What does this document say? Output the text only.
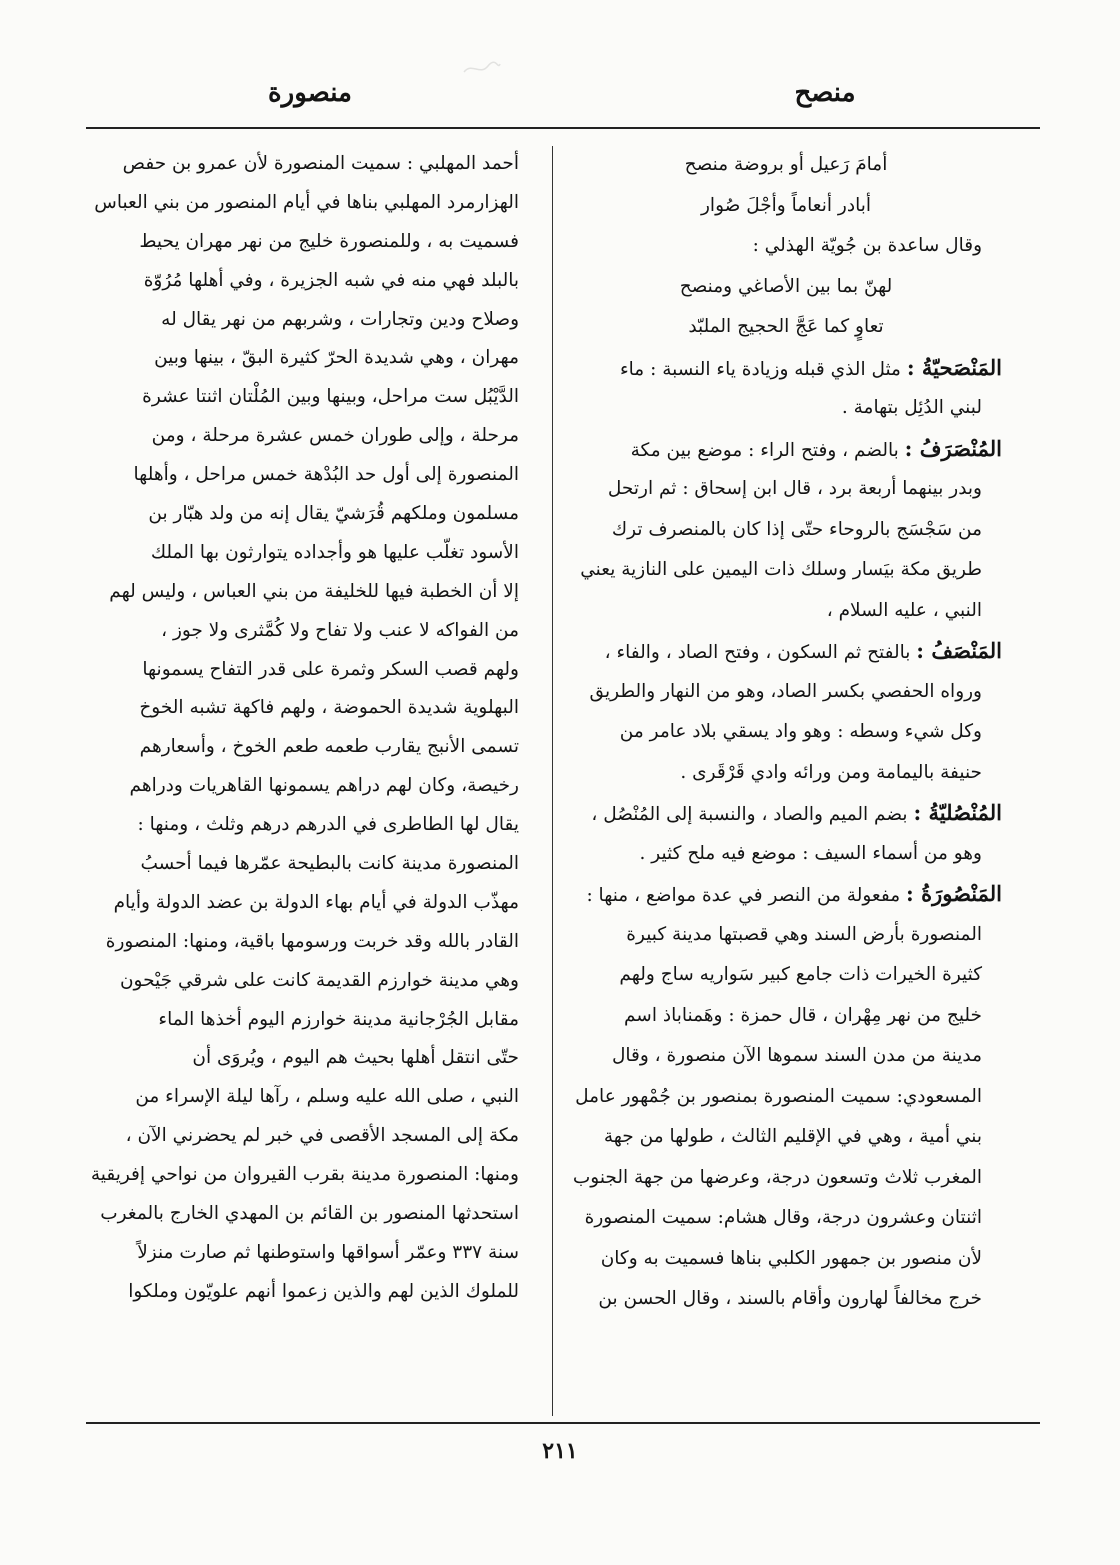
منصح
منصورة
أمامَ رَعيل أو بروضة منصح
أبادر أنعاماً وأجْلَ صُوار
وقال ساعدة بن جُويّة الهذلي :
لهنّ بما بين الأصاغي ومنصح
تعاوٍ كما عَجَّ الحجيج الملبّد
المَنْصَحيّةُ : مثل الذي قبله وزيادة ياء النسبة : ماء
لبني الدُئِل بتهامة .
المُنْصَرَفُ : بالضم ، وفتح الراء : موضع بين مكة
وبدر بينهما أربعة برد ، قال ابن إسحاق : ثم ارتحل
من سَجْسَج بالروحاء حتّى إذا كان بالمنصرف ترك
طريق مكة بيَسار وسلك ذات اليمين على النازية يعني
النبي ، عليه السلام ،
المَنْصَفُ : بالفتح ثم السكون ، وفتح الصاد ، والفاء ،
ورواه الحفصي بكسر الصاد، وهو من النهار والطريق
وكل شيء وسطه : وهو واد يسقي بلاد عامر من
حنيفة باليمامة ومن ورائه وادي قَرْقَرى .
المُنْصُليّةُ : بضم الميم والصاد ، والنسبة إلى المُنْصُل ،
وهو من أسماء السيف : موضع فيه ملح كثير .
المَنْصُورَةُ : مفعولة من النصر في عدة مواضع ، منها :
المنصورة بأرض السند وهي قصبتها مدينة كبيرة
كثيرة الخيرات ذات جامع كبير سَواريه ساج ولهم
خليج من نهر مِهْران ، قال حمزة : وهَمناباذ اسم
مدينة من مدن السند سموها الآن منصورة ، وقال
المسعودي: سميت المنصورة بمنصور بن جُمْهور عامل
بني أمية ، وهي في الإقليم الثالث ، طولها من جهة
المغرب ثلاث وتسعون درجة، وعرضها من جهة الجنوب
اثنتان وعشرون درجة، وقال هشام: سميت المنصورة
لأن منصور بن جمهور الكلبي بناها فسميت به وكان
خرج مخالفاً لهارون وأقام بالسند ، وقال الحسن بن
أحمد المهلبي : سميت المنصورة لأن عمرو بن حفص
الهزارمرد المهلبي بناها في أيام المنصور من بني العباس
فسميت به ، وللمنصورة خليج من نهر مهران يحيط
بالبلد فهي منه في شبه الجزيرة ، وفي أهلها مُرُوّة
وصلاح ودين وتجارات ، وشربهم من نهر يقال له
مهران ، وهي شديدة الحرّ كثيرة البقّ ، بينها وبين
الدَّيْبُل ست مراحل، وبينها وبين المُلْتان اثنتا عشرة
مرحلة ، وإلى طوران خمس عشرة مرحلة ، ومن
المنصورة إلى أول حد البُدْهة خمس مراحل ، وأهلها
مسلمون وملكهم قُرَشيّ يقال إنه من ولد هبّار بن
الأسود تغلّب عليها هو وأجداده يتوارثون بها الملك
إلا أن الخطبة فيها للخليفة من بني العباس ، وليس لهم
من الفواكه لا عنب ولا تفاح ولا كُمَّثرى ولا جوز ،
ولهم قصب السكر وثمرة على قدر التفاح يسمونها
البهلوية شديدة الحموضة ، ولهم فاكهة تشبه الخوخ
تسمى الأنبج يقارب طعمه طعم الخوخ ، وأسعارهم
رخيصة، وكان لهم دراهم يسمونها القاهريات ودراهم
يقال لها الطاطرى في الدرهم درهم وثلث ، ومنها :
المنصورة مدينة كانت بالبطيحة عمّرها فيما أحسبُ
مهذّب الدولة في أيام بهاء الدولة بن عضد الدولة وأيام
القادر بالله وقد خربت ورسومها باقية، ومنها: المنصورة
وهي مدينة خوارزم القديمة كانت على شرقي جَيْحون
مقابل الجُرْجانية مدينة خوارزم اليوم أخذها الماء
حتّى انتقل أهلها بحيث هم اليوم ، ويُروَى أن
النبي ، صلى الله عليه وسلم ، رآها ليلة الإسراء من
مكة إلى المسجد الأقصى في خبر لم يحضرني الآن ،
ومنها: المنصورة مدينة بقرب القيروان من نواحي إفريقية
استحدثها المنصور بن القائم بن المهدي الخارج بالمغرب
سنة ٣٣٧ وعمّر أسواقها واستوطنها ثم صارت منزلاً
للملوك الذين لهم والذين زعموا أنهم علويّون وملكوا
٢١١
